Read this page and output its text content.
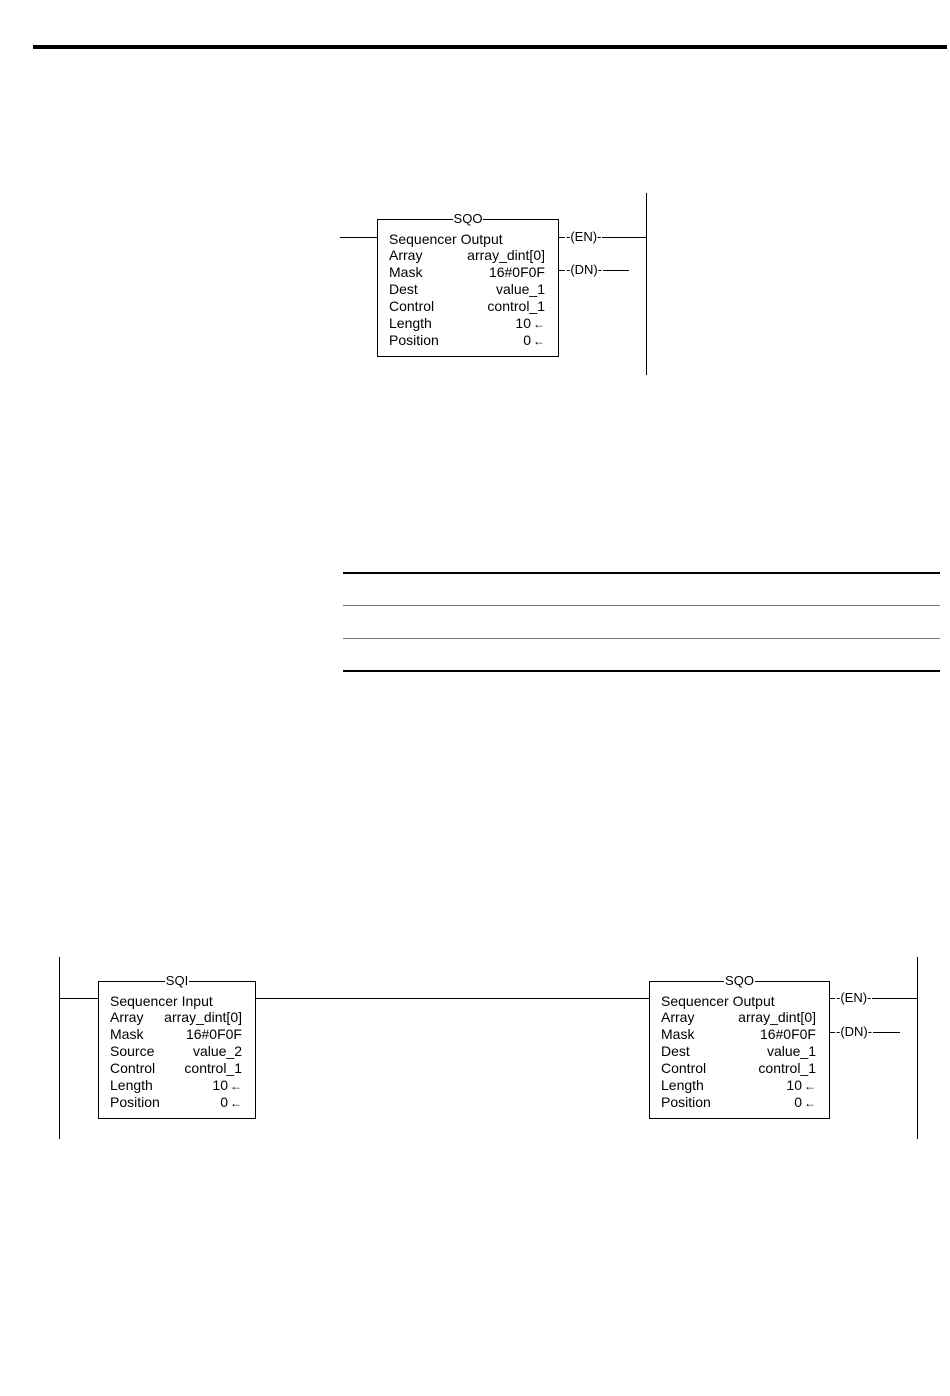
SQO
Sequencer Output
Array	array_dint[0]
Mask	16#0F0F
Dest	value_1
Control	control_1
Length	10 ←
Position	0 ←
-(EN)-
-(DN)-
SQI
Sequencer Input
Array array_dint[0]
Mask	16#0F0F
Source	value_2
Control control_1
Length	10 ←
Position	0 ←
SQO
Sequencer Output
Array	array_dint[0]
Mask	16#0F0F
Dest	value_1
Control	control_1
Length	10 ←
Position	0 ←
-(EN)-
-(DN)-
